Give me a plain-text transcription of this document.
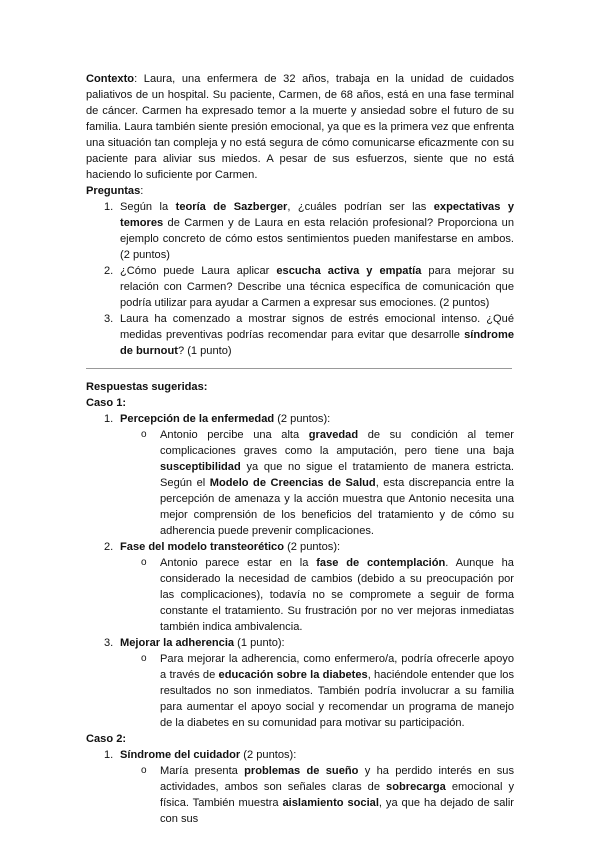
Contexto: Laura, una enfermera de 32 años, trabaja en la unidad de cuidados paliativos de un hospital. Su paciente, Carmen, de 68 años, está en una fase terminal de cáncer. Carmen ha expresado temor a la muerte y ansiedad sobre el futuro de su familia. Laura también siente presión emocional, ya que es la primera vez que enfrenta una situación tan compleja y no está segura de cómo comunicarse eficazmente con su paciente para aliviar sus miedos. A pesar de sus esfuerzos, siente que no está haciendo lo suficiente por Carmen.

Preguntas:

1. Según la teoría de Sazberger, ¿cuáles podrían ser las expectativas y temores de Carmen y de Laura en esta relación profesional? Proporciona un ejemplo concreto de cómo estos sentimientos pueden manifestarse en ambos. (2 puntos)
2. ¿Cómo puede Laura aplicar escucha activa y empatía para mejorar su relación con Carmen? Describe una técnica específica de comunicación que podría utilizar para ayudar a Carmen a expresar sus emociones. (2 puntos)
3. Laura ha comenzado a mostrar signos de estrés emocional intenso. ¿Qué medidas preventivas podrías recomendar para evitar que desarrolle síndrome de burnout? (1 punto)

Respuestas sugeridas:

Caso 1:

1. Percepción de la enfermedad (2 puntos):
o Antonio percibe una alta gravedad de su condición al temer complicaciones graves como la amputación, pero tiene una baja susceptibilidad ya que no sigue el tratamiento de manera estricta. Según el Modelo de Creencias de Salud, esta discrepancia entre la percepción de amenaza y la acción muestra que Antonio necesita una mejor comprensión de los beneficios del tratamiento y de cómo su adherencia puede prevenir complicaciones.
2. Fase del modelo transteorético (2 puntos):
o Antonio parece estar en la fase de contemplación. Aunque ha considerado la necesidad de cambios (debido a su preocupación por las complicaciones), todavía no se compromete a seguir de forma constante el tratamiento. Su frustración por no ver mejoras inmediatas también indica ambivalencia.
3. Mejorar la adherencia (1 punto):
o Para mejorar la adherencia, como enfermero/a, podría ofrecerle apoyo a través de educación sobre la diabetes, haciéndole entender que los resultados no son inmediatos. También podría involucrar a su familia para aumentar el apoyo social y recomendar un programa de manejo de la diabetes en su comunidad para motivar su participación.

Caso 2:

1. Síndrome del cuidador (2 puntos):
o María presenta problemas de sueño y ha perdido interés en sus actividades, ambos son señales claras de sobrecarga emocional y física. También muestra aislamiento social, ya que ha dejado de salir con sus
